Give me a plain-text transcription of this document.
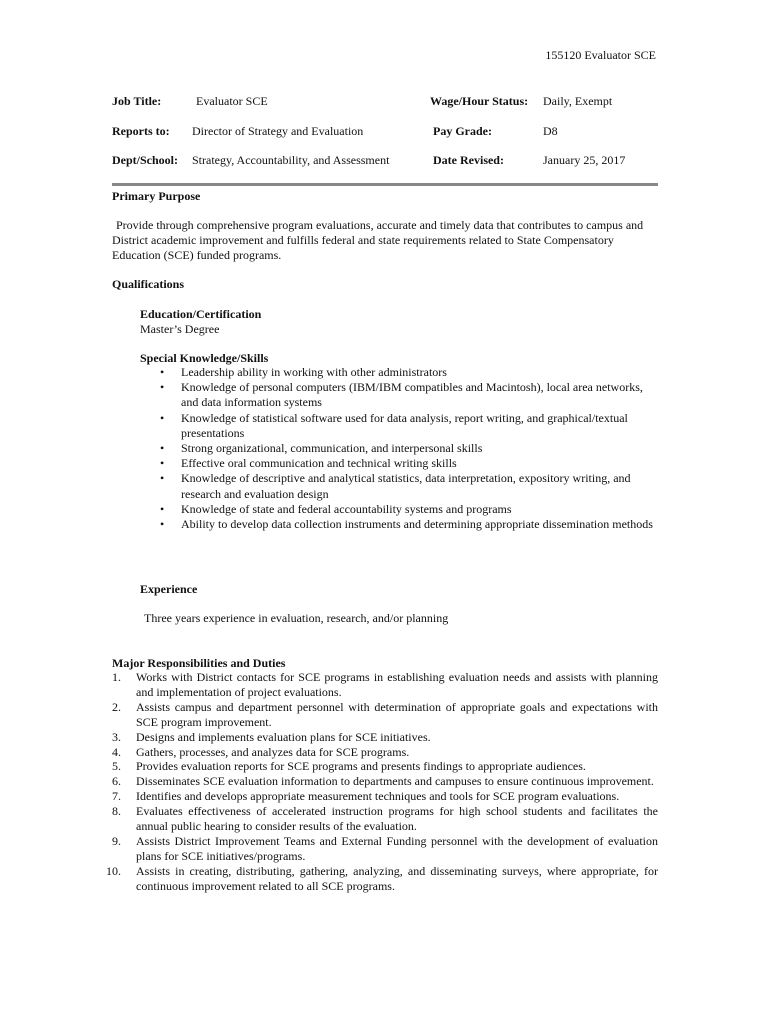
155120 Evaluator SCE
Job Title:	Evaluator SCE	Wage/Hour Status: Daily, Exempt
Reports to: Director of Strategy and Evaluation	Pay Grade:	D8
Dept/School: Strategy, Accountability, and Assessment	Date Revised:	January 25, 2017
Primary Purpose
Provide through comprehensive program evaluations, accurate and timely data that contributes to campus and District academic improvement and fulfills federal and state requirements related to State Compensatory Education (SCE) funded programs.
Qualifications
Education/Certification
Master’s Degree
Special Knowledge/Skills
• Leadership ability in working with other administrators
• Knowledge of personal computers (IBM/IBM compatibles and Macintosh), local area networks, and data information systems
• Knowledge of statistical software used for data analysis, report writing, and graphical/textual presentations
• Strong organizational, communication, and interpersonal skills
• Effective oral communication and technical writing skills
• Knowledge of descriptive and analytical statistics, data interpretation, expository writing, and research and evaluation design
• Knowledge of state and federal accountability systems and programs
• Ability to develop data collection instruments and determining appropriate dissemination methods
Experience
Three years experience in evaluation, research, and/or planning
Major Responsibilities and Duties
1. Works with District contacts for SCE programs in establishing evaluation needs and assists with planning and implementation of project evaluations.
2. Assists campus and department personnel with determination of appropriate goals and expectations with SCE program improvement.
3. Designs and implements evaluation plans for SCE initiatives.
4. Gathers, processes, and analyzes data for SCE programs.
5. Provides evaluation reports for SCE programs and presents findings to appropriate audiences.
6. Disseminates SCE evaluation information to departments and campuses to ensure continuous improvement.
7. Identifies and develops appropriate measurement techniques and tools for SCE program evaluations.
8. Evaluates effectiveness of accelerated instruction programs for high school students and facilitates the annual public hearing to consider results of the evaluation.
9. Assists District Improvement Teams and External Funding personnel with the development of evaluation plans for SCE initiatives/programs.
10. Assists in creating, distributing, gathering, analyzing, and disseminating surveys, where appropriate, for continuous improvement related to all SCE programs.
